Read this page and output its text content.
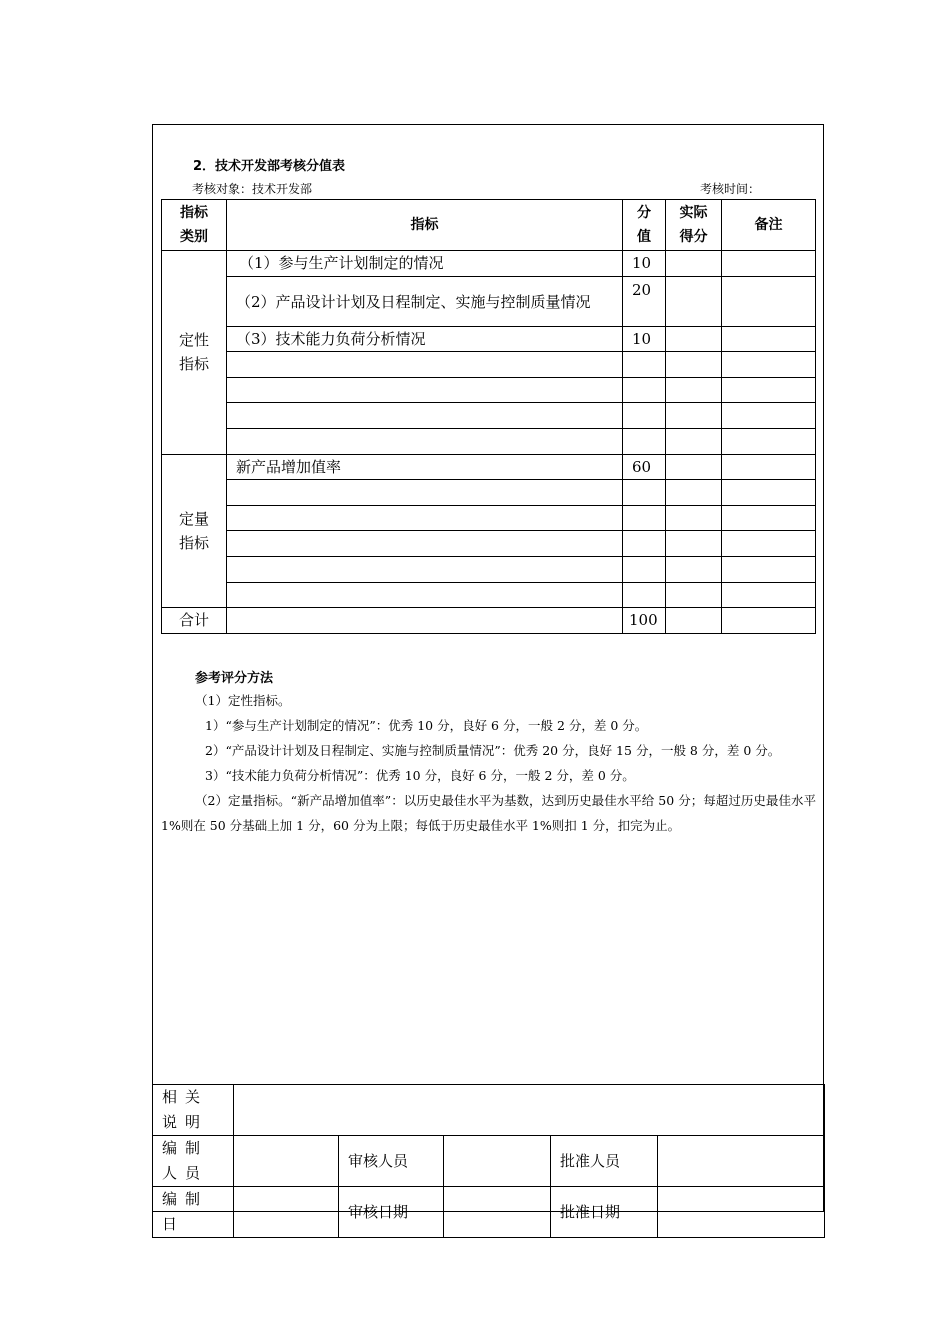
2．技术开发部考核分值表
考核对象：技术开发部	考核时间：
指标类别	指标	分值	实际得分	备注
定性指标	（1）参与生产计划制定的情况	10		
	（2）产品设计计划及日程制定、实施与控制质量情况	20		
	（3）技术能力负荷分析情况	10		

定量指标	新产品增加值率	60		

合计		100		
参考评分方法

（1）定性指标。

1）“参与生产计划制定的情况”：优秀 10 分，良好 6 分，一般 2 分，差 0 分。

2）“产品设计计划及日程制定、实施与控制质量情况”：优秀 20 分，良好 15 分，一般 8 分，差 0 分。

3）“技术能力负荷分析情况”：优秀 10 分，良好 6 分，一般 2 分，差 0 分。

（2）定量指标。“新产品增加值率”：以历史最佳水平为基数，达到历史最佳水平给 50 分；每超过历史最佳水平 1%则在 50 分基础上加 1 分，60 分为上限；每低于历史最佳水平 1%则扣 1 分，扣完为止。

相关说明					
编制人员		审核人员		批准人员	
编制日		审核日期		批准日期	
